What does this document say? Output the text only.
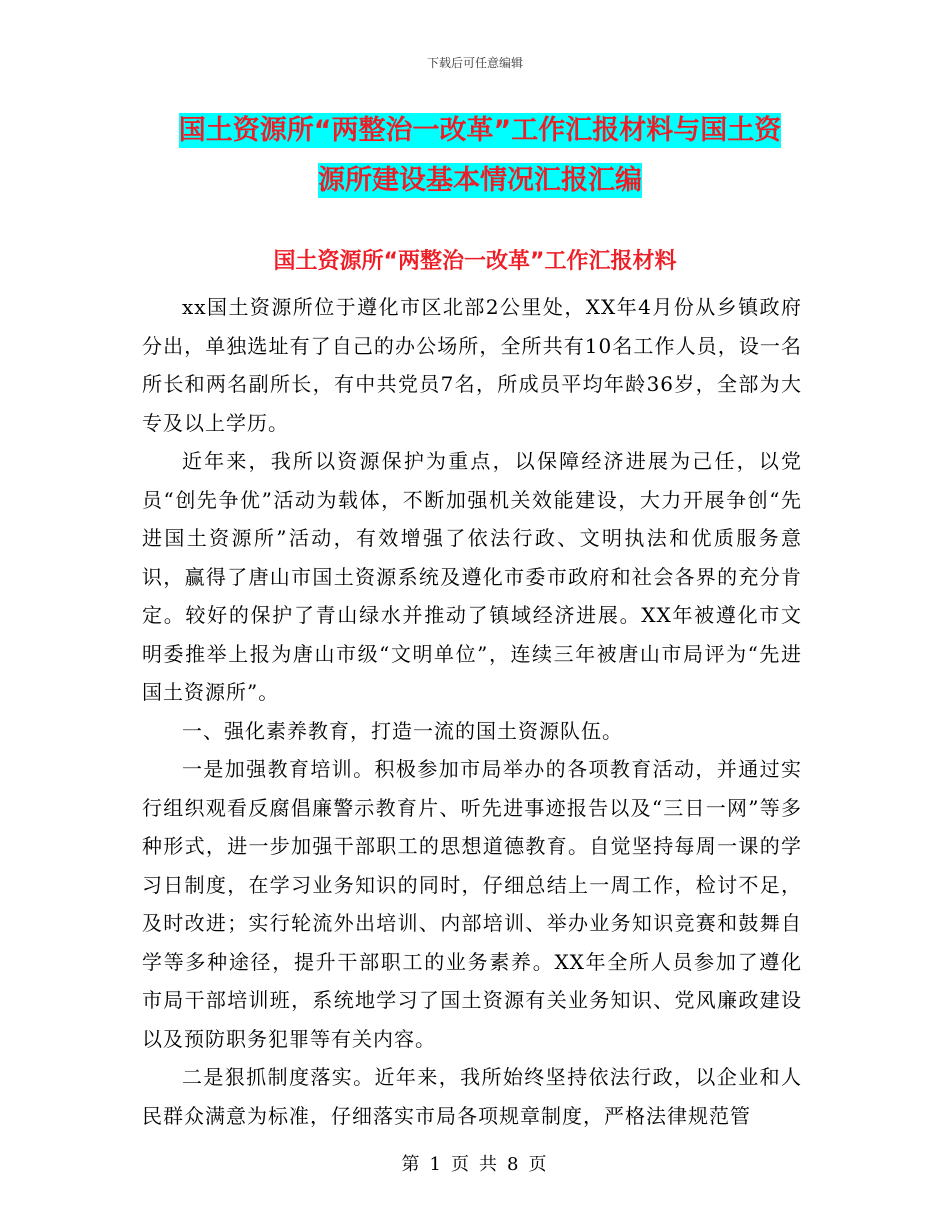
下载后可任意编辑
国土资源所“两整治一改革”工作汇报材料与国土资
源所建设基本情况汇报汇编
国土资源所“两整治一改革”工作汇报材料

xx国土资源所位于遵化市区北部2公里处，XX年4月份从乡镇政府分出，单独选址有了自己的办公场所，全所共有10名工作人员，设一名所长和两名副所长，有中共党员7名，所成员平均年龄36岁，全部为大专及以上学历。

近年来，我所以资源保护为重点，以保障经济进展为己任，以党员“创先争优”活动为载体，不断加强机关效能建设，大力开展争创“先进国土资源所”活动，有效增强了依法行政、文明执法和优质服务意识，赢得了唐山市国土资源系统及遵化市委市政府和社会各界的充分肯定。较好的保护了青山绿水并推动了镇域经济进展。XX年被遵化市文明委推举上报为唐山市级“文明单位”，连续三年被唐山市局评为“先进国土资源所”。

一、强化素养教育，打造一流的国土资源队伍。

一是加强教育培训。积极参加市局举办的各项教育活动，并通过实行组织观看反腐倡廉警示教育片、听先进事迹报告以及“三日一网”等多种形式，进一步加强干部职工的思想道德教育。自觉坚持每周一课的学习日制度，在学习业务知识的同时，仔细总结上一周工作，检讨不足，及时改进；实行轮流外出培训、内部培训、举办业务知识竞赛和鼓舞自学等多种途径，提升干部职工的业务素养。XX年全所人员参加了遵化市局干部培训班，系统地学习了国土资源有关业务知识、党风廉政建设以及预防职务犯罪等有关内容。

二是狠抓制度落实。近年来，我所始终坚持依法行政，以企业和人民群众满意为标准，仔细落实市局各项规章制度，严格法律规范管

第 1 页 共 8 页
